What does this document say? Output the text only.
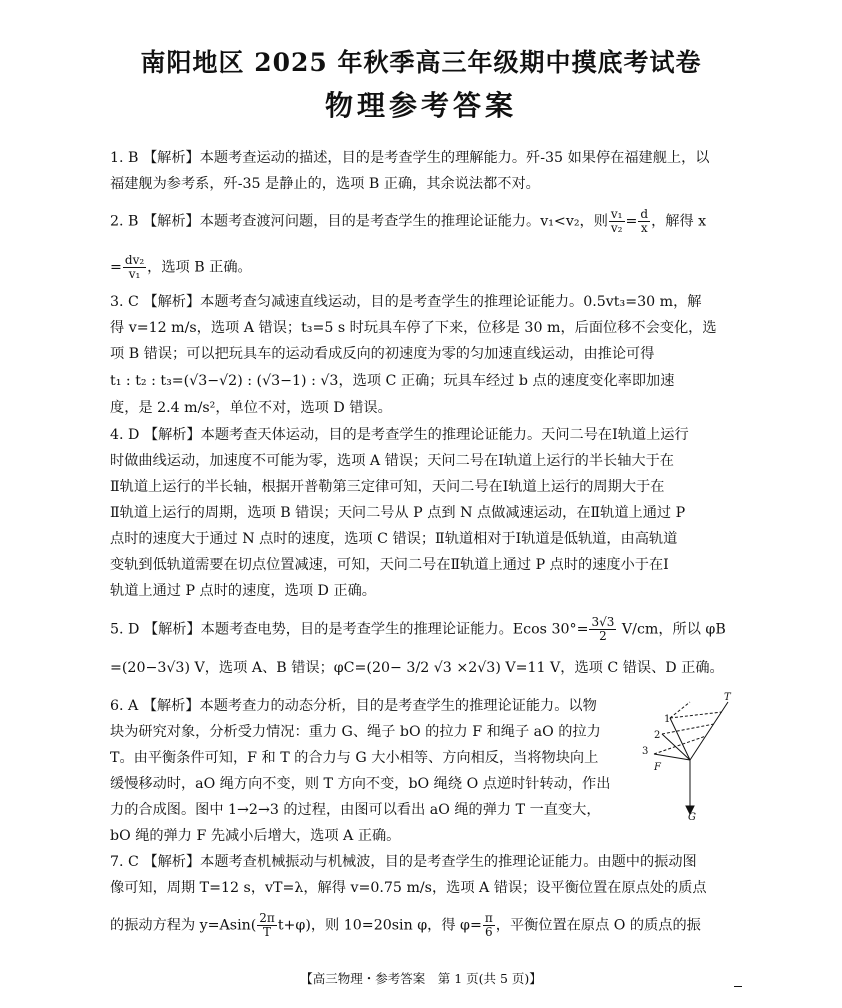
南阳地区 2025 年秋季高三年级期中摸底考试卷
物理参考答案
1. B 【解析】本题考查运动的描述，目的是考查学生的理解能力。歼-35 如果停在福建舰上，以
福建舰为参考系，歼-35 是静止的，选项 B 正确，其余说法都不对。
2. B 【解析】本题考查渡河问题，目的是考查学生的推理论证能力。v₁<v₂，则 $\frac{\text{v₁}}{\text{v₂}} = \frac{d}{x}$ ，解得 x
= $\frac{\text{dv₂}}{\text{v₁}}$ ，选项 B 正确。
3. C 【解析】本题考查匀减速直线运动，目的是考查学生的推理论证能力。0.5vt₃=30 m，解
得 v=12 m/s，选项 A 错误；t₃=5 s 时玩具车停了下来，位移是 30 m，后面位移不会变化，选
项 B 错误；可以把玩具车的运动看成反向的初速度为零的匀加速直线运动，由推论可得
t₁ : t₂ : t₃=(√3−√2) : (√3−1) : √3，选项 C 正确；玩具车经过 b 点的速度变化率即加速
度，是 2.4 m/s²，单位不对，选项 D 错误。
4. D 【解析】本题考查天体运动，目的是考查学生的推理论证能力。天问二号在Ⅰ轨道上运行
时做曲线运动，加速度不可能为零，选项 A 错误；天问二号在Ⅰ轨道上运行的半长轴大于在
Ⅱ轨道上运行的半长轴，根据开普勒第三定律可知，天问二号在Ⅰ轨道上运行的周期大于在
Ⅱ轨道上运行的周期，选项 B 错误；天问二号从 P 点到 N 点做减速运动，在Ⅱ轨道上通过 P
点时的速度大于通过 N 点时的速度，选项 C 错误；Ⅱ轨道相对于Ⅰ轨道是低轨道，由高轨道
变轨到低轨道需要在切点位置减速，可知，天问二号在Ⅱ轨道上通过 P 点时的速度小于在Ⅰ
轨道上通过 P 点时的速度，选项 D 正确。
5. D 【解析】本题考查电势，目的是考查学生的推理论证能力。Ecos $30^\circ= \frac{3√3}{2} V/cm$，所以 φB
=(20−3√3) V，选项 A、B 错误；φC=(20− 3/2 √3 ×2√3) V=11 V，选项 C 错误、D 正确。
6. A 【解析】本题考查力的动态分析，目的是考查学生的推理论证能力。以物
块为研究对象，分析受力情况：重力 G、绳子 bO 的拉力 F 和绳子 aO 的拉力
T。由平衡条件可知，F 和 T 的合力与 G 大小相等、方向相反，当将物块向上
缓慢移动时，aO 绳方向不变，则 T 方向不变，bO 绳绕 O 点逆时针转动，作出
力的合成图。图中 1→2→3 的过程，由图可以看出 aO 绳的弹力 T 一直变大，
bO 绳的弹力 F 先减小后增大，选项 A 正确。
T
1
2
3
F
G
7. C 【解析】本题考查机械振动与机械波，目的是考查学生的推理论证能力。由题中的振动图
像可知，周期 T=12 s，vT=λ，解得 v=0.75 m/s，选项 A 错误；设平衡位置在原点处的质点
的振动方程为 $y=Asin( \frac{2\pi}{T} t+\varphi)$，则 10=20sin φ，得 $\varphi= \frac{\pi}{6}$ ，平衡位置在原点 O 的质点的振
【高三物理・参考答案　第 1 页(共 5 页)】
